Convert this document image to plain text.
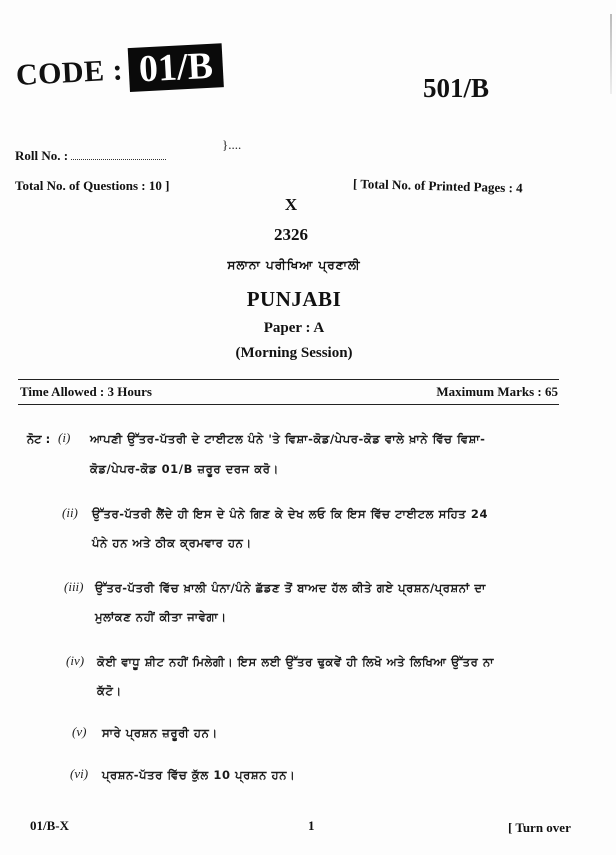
CODE : 01/B	501/B
Roll No. :
}....
Total No. of Questions : 10 ]	[ Total No. of Printed Pages : 4
X
2326
ਸਲਾਨਾ ਪਰੀਖਿਆ ਪ੍ਰਣਾਲੀ
PUNJABI
Paper : A
(Morning Session)
Time Allowed : 3 Hours	Maximum Marks : 65
ਨੋਟ : (i) ਆਪਣੀ ਉੱਤਰ-ਪੱਤਰੀ ਦੇ ਟਾਈਟਲ ਪੰਨੇ 'ਤੇ ਵਿਸ਼ਾ-ਕੋਡ/ਪੇਪਰ-ਕੋਡ ਵਾਲੇ ਖ਼ਾਨੇ ਵਿੱਚ ਵਿਸ਼ਾ-
ਕੋਡ/ਪੇਪਰ-ਕੋਡ 01/B ਜ਼ਰੂਰ ਦਰਜ ਕਰੋ।
(ii) ਉੱਤਰ-ਪੱਤਰੀ ਲੈਂਦੇ ਹੀ ਇਸ ਦੇ ਪੰਨੇ ਗਿਣ ਕੇ ਦੇਖ ਲਓ ਕਿ ਇਸ ਵਿੱਚ ਟਾਈਟਲ ਸਹਿਤ 24
ਪੰਨੇ ਹਨ ਅਤੇ ਠੀਕ ਕ੍ਰਮਵਾਰ ਹਨ।
(iii) ਉੱਤਰ-ਪੱਤਰੀ ਵਿੱਚ ਖ਼ਾਲੀ ਪੰਨਾ/ਪੰਨੇ ਛੱਡਣ ਤੋਂ ਬਾਅਦ ਹੱਲ ਕੀਤੇ ਗਏ ਪ੍ਰਸ਼ਨ/ਪ੍ਰਸ਼ਨਾਂ ਦਾ
ਮੁਲਾਂਕਣ ਨਹੀਂ ਕੀਤਾ ਜਾਵੇਗਾ।
(iv) ਕੋਈ ਵਾਧੂ ਸ਼ੀਟ ਨਹੀਂ ਮਿਲੇਗੀ। ਇਸ ਲਈ ਉੱਤਰ ਢੁਕਵੇਂ ਹੀ ਲਿਖੋ ਅਤੇ ਲਿਖਿਆ ਉੱਤਰ ਨਾ
ਕੱਟੋ।
(v) ਸਾਰੇ ਪ੍ਰਸ਼ਨ ਜ਼ਰੂਰੀ ਹਨ।
(vi) ਪ੍ਰਸ਼ਨ-ਪੱਤਰ ਵਿੱਚ ਕੁੱਲ 10 ਪ੍ਰਸ਼ਨ ਹਨ।
01/B-X	1	[ Turn over
